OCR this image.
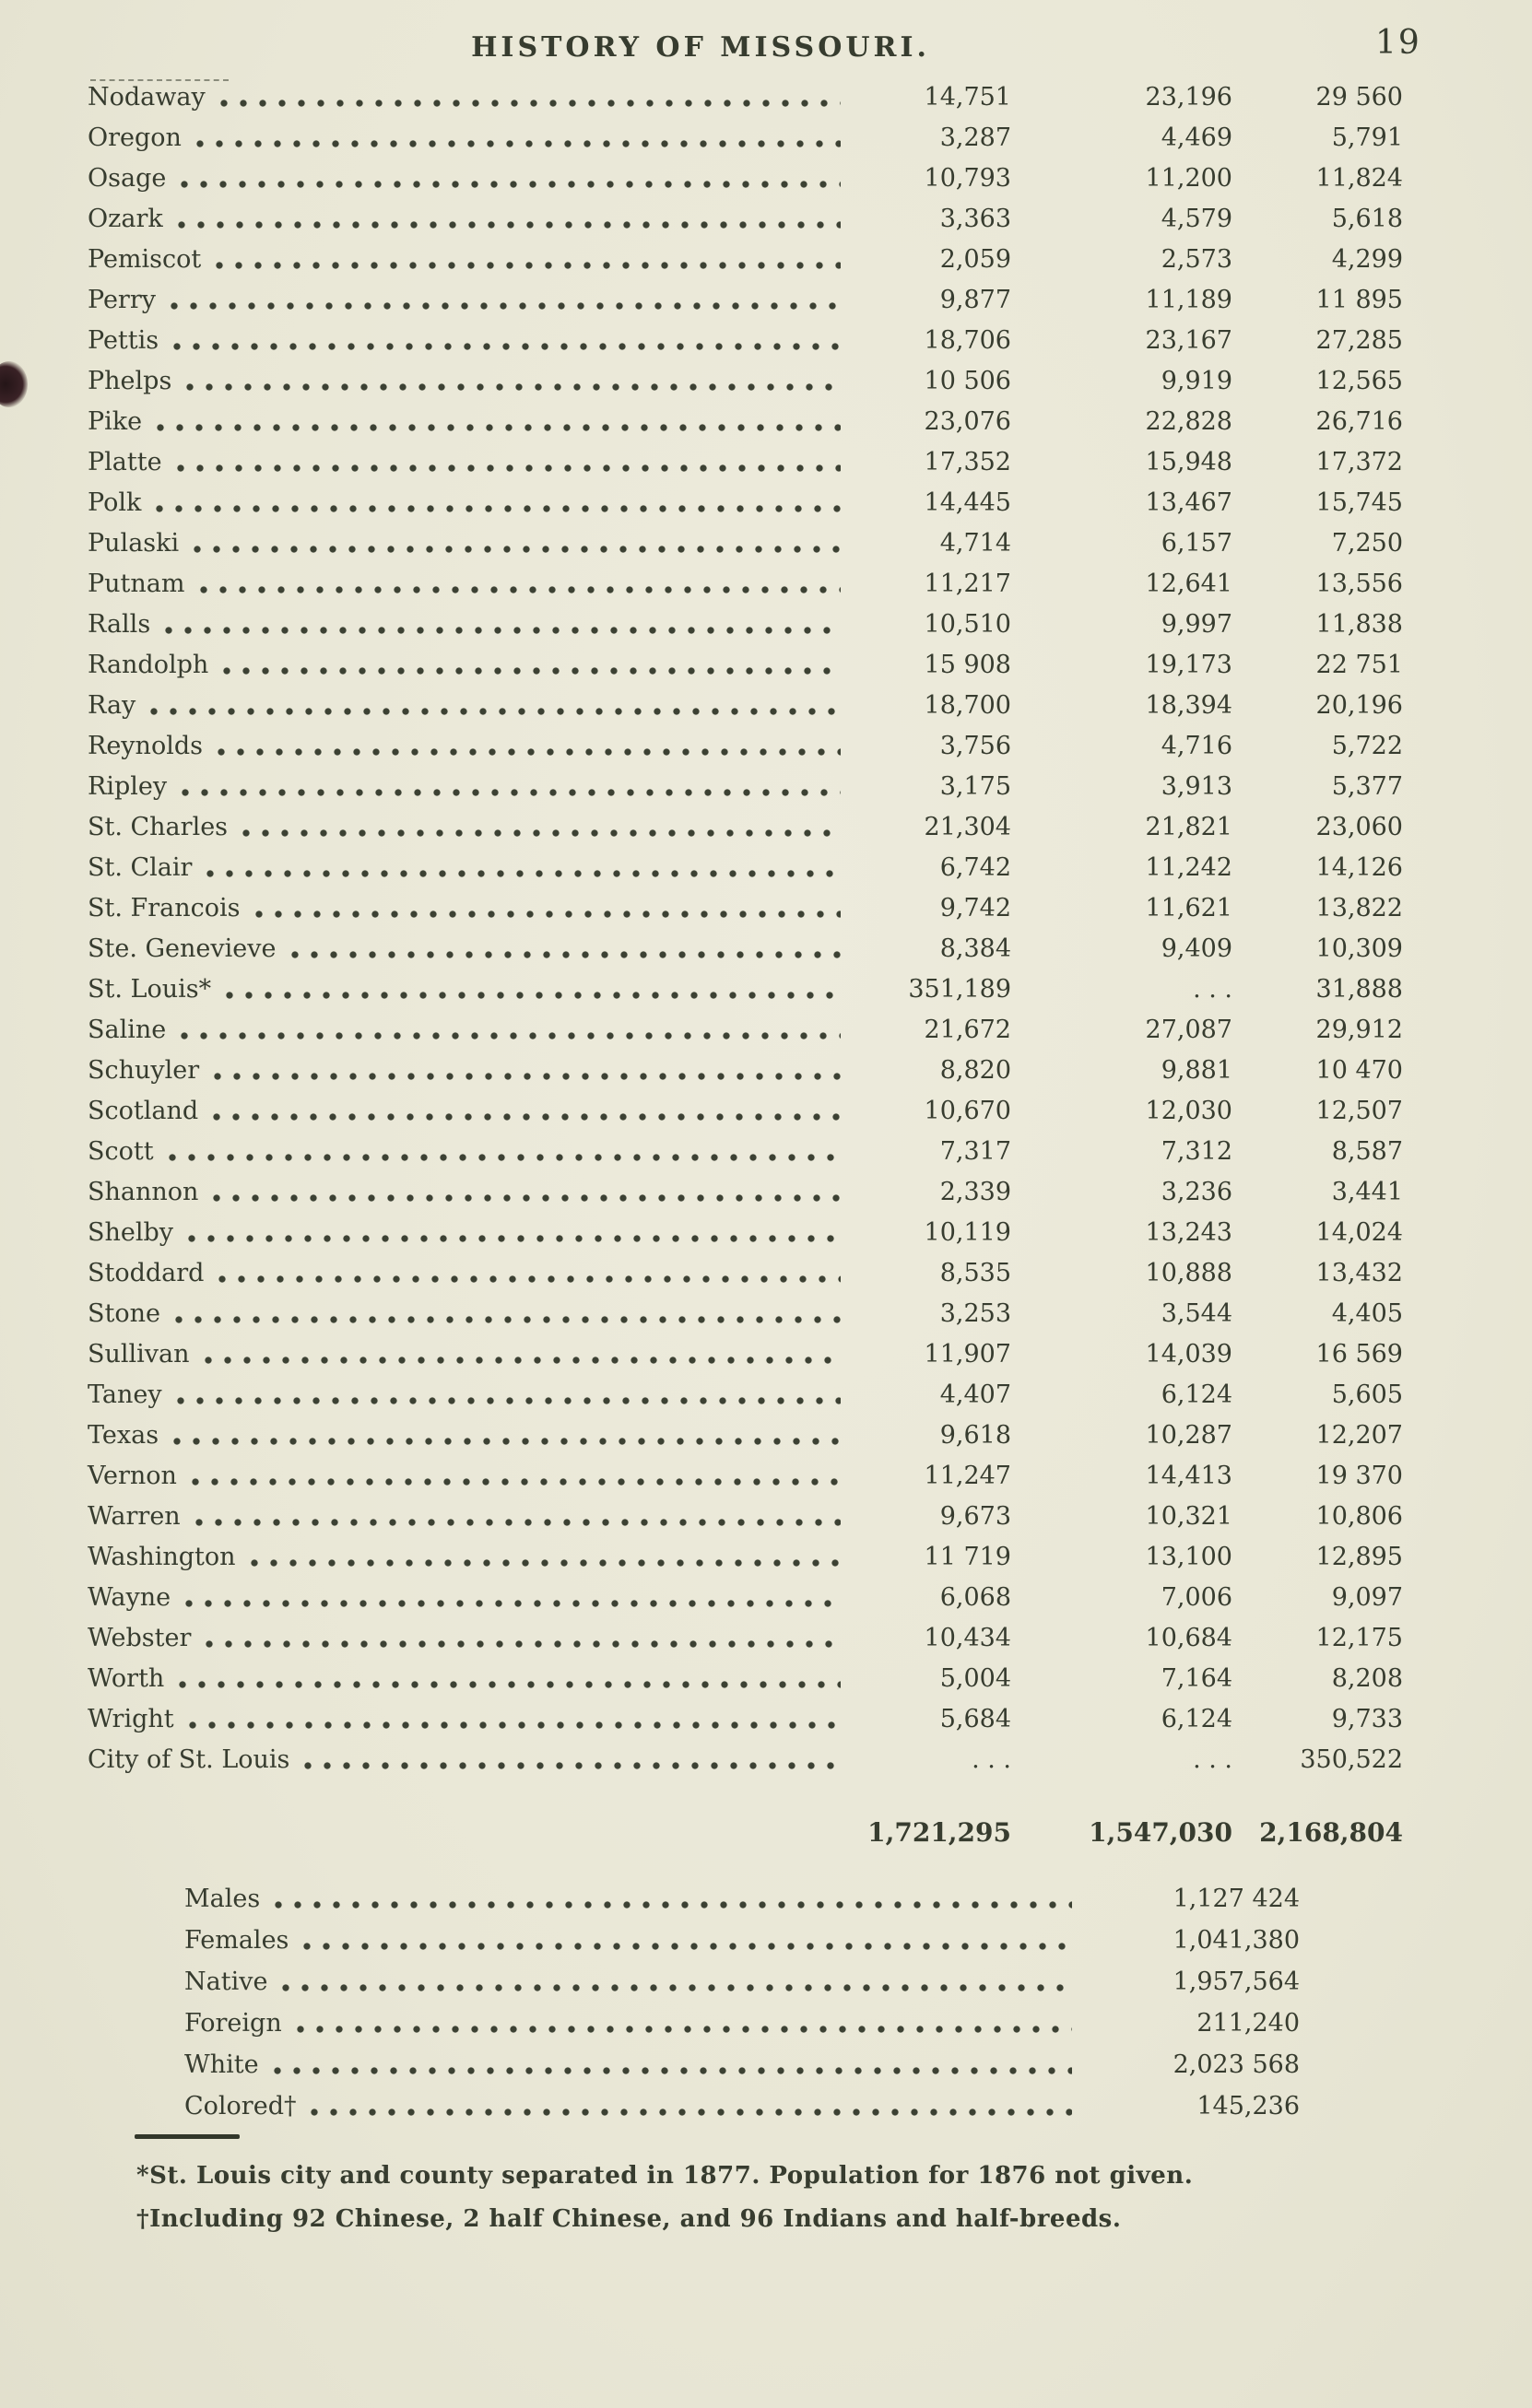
HISTORY OF MISSOURI.	19
Nodaway	14,751	23,196	29 560
Oregon	3,287	4,469	5,791
Osage	10,793	11,200	11,824
Ozark	3,363	4,579	5,618
Pemiscot	2,059	2,573	4,299
Perry	9,877	11,189	11 895
Pettis	18,706	23,167	27,285
Phelps	10 506	9,919	12,565
Pike	23,076	22,828	26,716
Platte	17,352	15,948	17,372
Polk	14,445	13,467	15,745
Pulaski	4,714	6,157	7,250
Putnam	11,217	12,641	13,556
Ralls	10,510	9,997	11,838
Randolph	15 908	19,173	22 751
Ray	18,700	18,394	20,196
Reynolds	3,756	4,716	5,722
Ripley	3,175	3,913	5,377
St. Charles	21,304	21,821	23,060
St. Clair	6,742	11,242	14,126
St. Francois	9,742	11,621	13,822
Ste. Genevieve	8,384	9,409	10,309
St. Louis*	351,189	. . .	31,888
Saline	21,672	27,087	29,912
Schuyler	8,820	9,881	10 470
Scotland	10,670	12,030	12,507
Scott	7,317	7,312	8,587
Shannon	2,339	3,236	3,441
Shelby	10,119	13,243	14,024
Stoddard	8,535	10,888	13,432
Stone	3,253	3,544	4,405
Sullivan	11,907	14,039	16 569
Taney	4,407	6,124	5,605
Texas	9,618	10,287	12,207
Vernon	11,247	14,413	19 370
Warren	9,673	10,321	10,806
Washington	11 719	13,100	12,895
Wayne	6,068	7,006	9,097
Webster	10,434	10,684	12,175
Worth	5,004	7,164	8,208
Wright	5,684	6,124	9,733
City of St. Louis	. . .	. . .	350,522
1,721,295	1,547,030	2,168,804
Males	1,127 424
Females	1,041,380
Native	1,957,564
Foreign	211,240
White	2,023 568
Colored†	145,236
*St. Louis city and county separated in 1877. Population for 1876 not given.
†Including 92 Chinese, 2 half Chinese, and 96 Indians and half-breeds.
